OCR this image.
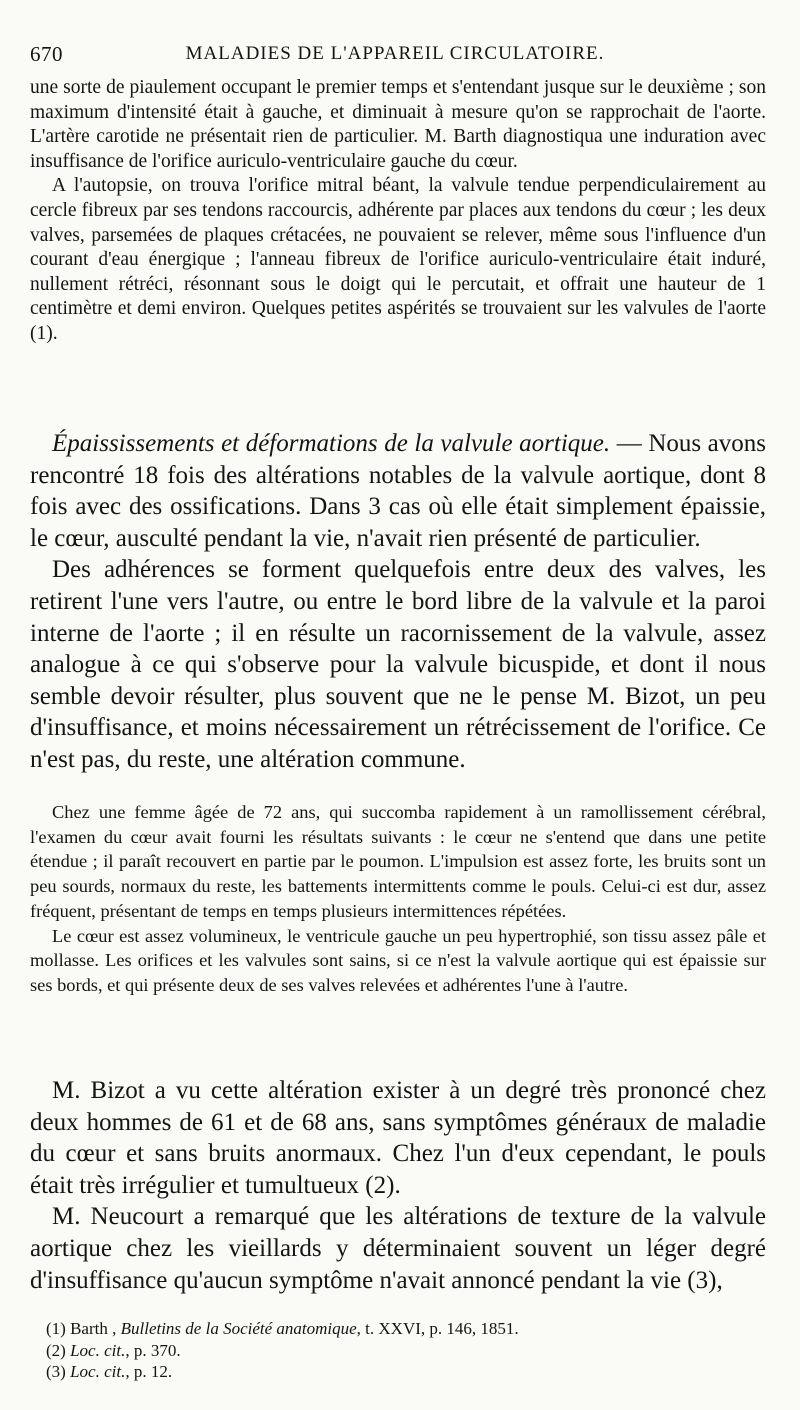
670	MALADIES DE L'APPAREIL CIRCULATOIRE.

une sorte de piaulement occupant le premier temps et s'entendant jusque sur le deuxième ; son maximum d'intensité était à gauche, et diminuait à mesure qu'on se rapprochait de l'aorte. L'artère carotide ne présentait rien de particulier. M. Barth diagnostiqua une induration avec insuffisance de l'orifice auriculo-ventriculaire gauche du cœur.

A l'autopsie, on trouva l'orifice mitral béant, la valvule tendue perpendiculairement au cercle fibreux par ses tendons raccourcis, adhérente par places aux tendons du cœur ; les deux valves, parsemées de plaques crétacées, ne pouvaient se relever, même sous l'influence d'un courant d'eau énergique ; l'anneau fibreux de l'orifice auriculo-ventriculaire était induré, nullement rétréci, résonnant sous le doigt qui le percutait, et offrait une hauteur de 1 centimètre et demi environ. Quelques petites aspérités se trouvaient sur les valvules de l'aorte (1).

Épaississements et déformations de la valvule aortique. — Nous avons rencontré 18 fois des altérations notables de la valvule aortique, dont 8 fois avec des ossifications. Dans 3 cas où elle était simplement épaissie, le cœur, ausculté pendant la vie, n'avait rien présenté de particulier.

Des adhérences se forment quelquefois entre deux des valves, les retirent l'une vers l'autre, ou entre le bord libre de la valvule et la paroi interne de l'aorte ; il en résulte un racornissement de la valvule, assez analogue à ce qui s'observe pour la valvule bicuspide, et dont il nous semble devoir résulter, plus souvent que ne le pense M. Bizot, un peu d'insuffisance, et moins nécessairement un rétrécissement de l'orifice. Ce n'est pas, du reste, une altération commune.

Chez une femme âgée de 72 ans, qui succomba rapidement à un ramollissement cérébral, l'examen du cœur avait fourni les résultats suivants : le cœur ne s'entend que dans une petite étendue ; il paraît recouvert en partie par le poumon. L'impulsion est assez forte, les bruits sont un peu sourds, normaux du reste, les battements intermittents comme le pouls. Celui-ci est dur, assez fréquent, présentant de temps en temps plusieurs intermittences répétées.

Le cœur est assez volumineux, le ventricule gauche un peu hypertrophié, son tissu assez pâle et mollasse. Les orifices et les valvules sont sains, si ce n'est la valvule aortique qui est épaissie sur ses bords, et qui présente deux de ses valves relevées et adhérentes l'une à l'autre.

M. Bizot a vu cette altération exister à un degré très prononcé chez deux hommes de 61 et de 68 ans, sans symptômes généraux de maladie du cœur et sans bruits anormaux. Chez l'un d'eux cependant, le pouls était très irrégulier et tumultueux (2).

M. Neucourt a remarqué que les altérations de texture de la valvule aortique chez les vieillards y déterminaient souvent un léger degré d'insuffisance qu'aucun symptôme n'avait annoncé pendant la vie (3),

(1) Barth , Bulletins de la Société anatomique, t. XXVI, p. 146, 1851.

(2) Loc. cit., p. 370.

(3) Loc. cit., p. 12.
